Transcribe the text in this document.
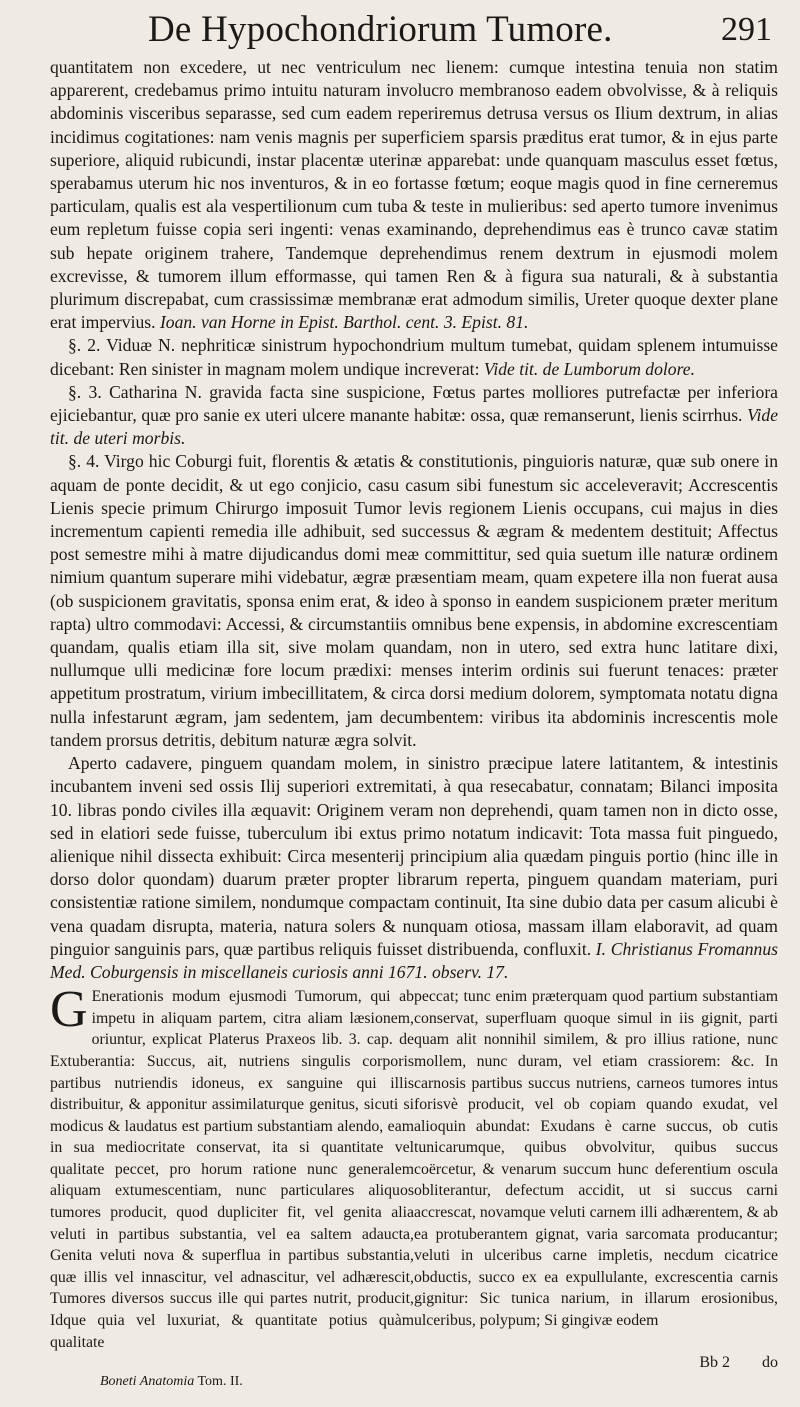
De Hypochondriorum Tumore.	291

quantitatem non excedere, ut nec ventriculum nec lienem: cumque intestina tenuia non statim apparerent, credebamus primo intuitu naturam involucro membranoso eadem obvolvisse, & à reliquis abdominis visceribus separasse, sed cum eadem reperiremus detrusa versus os Ilium dextrum, in alias incidimus cogitationes: nam venis magnis per superficiem sparsis præditus erat tumor, & in ejus parte superiore, aliquid rubicundi, instar placentæ uterinæ apparebat: unde quanquam masculus esset fœtus, sperabamus uterum hic nos inventuros, & in eo fortasse fœtum; eoque magis quod in fine cerneremus particulam, qualis est ala vespertilionum cum tuba & teste in mulieribus: sed aperto tumore invenimus eum repletum fuisse copia seri ingenti: venas examinando, deprehendimus eas è trunco cavæ statim sub hepate originem trahere, Tandemque deprehendimus renem dextrum in ejusmodi molem excrevisse, & tumorem illum efformasse, qui tamen Ren & à figura sua naturali, & à substantia plurimum discrepabat, cum crassissimæ membranæ erat admodum similis, Ureter quoque dexter plane erat impervius. Ioan. van Horne in Epist. Barthol. cent. 3. Epist. 81.

§. 2. Viduæ N. nephriticæ sinistrum hypochondrium multum tumebat, quidam splenem intumuisse dicebant: Ren sinister in magnam molem undique increverat: Vide tit. de Lumborum dolore.

§. 3. Catharina N. gravida facta sine suspicione, Fœtus partes molliores putrefactæ per inferiora ejiciebantur, quæ pro sanie ex uteri ulcere manante habitæ: ossa, quæ remanserunt, lienis scirrhus. Vide tit. de uteri morbis.

§. 4. Virgo hic Coburgi fuit, florentis & ætatis & constitutionis, pinguioris naturæ, quæ sub onere in aquam de ponte decidit, & ut ego conjicio, casu casum sibi funestum sic acceleveravit; Accrescentis Lienis specie primum Chirurgo imposuit Tumor levis regionem Lienis occupans, cui majus in dies incrementum capienti remedia ille adhibuit, sed successus & ægram & medentem destituit; Affectus post semestre mihi à matre dijudicandus domi meæ committitur, sed quia suetum ille naturæ ordinem nimium quantum superare mihi videbatur, ægræ præsentiam meam, quam expetere illa non fuerat ausa (ob suspicionem gravitatis, sponsa enim erat, & ideo à sponso in eandem suspicionem præter meritum rapta) ultro commodavi: Accessi, & circumstantiis omnibus bene expensis, in abdomine excrescentiam quandam, qualis etiam illa sit, sive molam quandam, non in utero, sed extra hunc latitare dixi, nullumque ulli medicinæ fore locum prædixi: menses interim ordinis sui fuerunt tenaces: præter appetitum prostratum, virium imbecillitatem, & circa dorsi medium dolorem, symptomata notatu digna nulla infestarunt ægram, jam sedentem, jam decumbentem: viribus ita abdominis increscentis mole tandem prorsus detritis, debitum naturæ ægra solvit.

Aperto cadavere, pinguem quandam molem, in sinistro præcipue latere latitantem, & intestinis incubantem inveni sed ossis Ilij superiori extremitati, à qua resecabatur, connatam; Bilanci imposita 10. libras pondo civiles illa æquavit: Originem veram non deprehendi, quam tamen non in dicto osse, sed in elatiori sede fuisse, tuberculum ibi extus primo notatum indicavit: Tota massa fuit pinguedo, alienique nihil dissecta exhibuit: Circa mesenterij principium alia quædam pinguis portio (hinc ille in dorso dolor quondam) duarum præter propter librarum reperta, pinguem quandam materiam, puri consistentiæ ratione similem, nondumque compactam continuit, Ita sine dubio data per casum alicubi è vena quadam disrupta, materia, natura solers & nunquam otiosa, massam illam elaboravit, ad quam pinguior sanguinis pars, quæ partibus reliquis fuisset distribuenda, confluxit. I. Christianus Fromannus Med. Coburgensis in miscellaneis curiosis anni 1671. observ. 17.

G Enerationis modum ejusmodi Tumorum, qui ab impetu in aliquam partem, citra aliam læsionem, oriuntur, explicat Platerus Praxeos lib. 3. cap. de Extuberantia: Succus, ait, nutriens singulis corporis partibus nutriendis idoneus, ex sanguine qui illis distribuitur, & apponitur assimilaturque genitus, sicuti si modicus & laudatus est partium substantiam alendo, eam in sua mediocritate conservat, ita si quantitate vel qualitate peccet, pro horum ratione nunc generalem aliquam extumescentiam, nunc particulares aliquos tumores producit, quod dupliciter fit, vel genita alia veluti in partibus substantia, vel ea saltem adaucta, Genita veluti nova & superflua in partibus substantia, quæ illis vel innascitur, vel adnascitur, vel adhærescit, Tumores diversos succus ille qui partes nutrit, producit, Idque quia vel luxuriat, & quantitate potius quàm qualitate

peccat; tunc enim præterquam quod partium substantiam conservat, superfluam quoque simul in iis gignit, parti quam alit nonnihil similem, & pro illius ratione, nunc mollem, nunc duram, vel etiam crassiorem: &c. In carnosis partibus succus nutriens, carneos tumores intus forisvè producit, vel ob copiam quando exudat, vel alioquin abundat: Exudans è carne succus, ob cutis tunicarumque, quibus obvolvitur, quibus succus coërcetur, & venarum succum hunc deferentium oscula obliterantur, defectum accidit, ut si succus carni accrescat, novamque veluti carnem illi adhærentem, & ab ea protuberantem gignat, varia sarcomata producantur; veluti in ulceribus carne impletis, necdum cicatrice obductis, succo ex ea expullulante, excrescentia carnis gignitur: Sic tunica narium, in illarum erosionibus, ulceribus, polypum; Si gingivæ eodem

Boneti Anatomia Tom. II.
Bb 2 do
